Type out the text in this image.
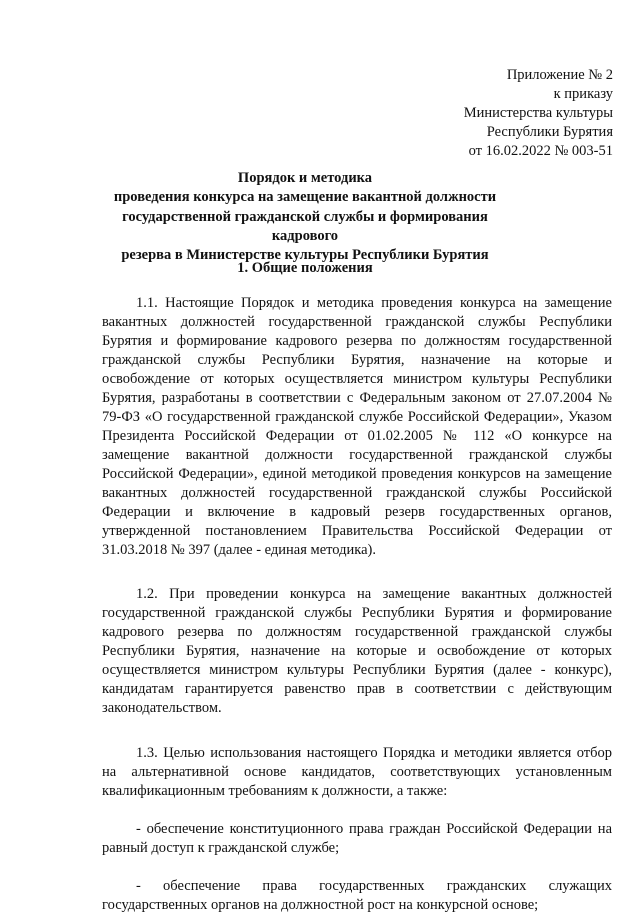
Приложение № 2
к приказу
Министерства культуры
Республики Бурятия
от 16.02.2022 № 003-51
Порядок и методика
проведения конкурса на замещение вакантной должности
государственной гражданской службы и формирования кадрового
резерва в Министерстве культуры Республики Бурятия
1. Общие положения

1.1. Настоящие Порядок и методика проведения конкурса на замещение вакантных должностей государственной гражданской службы Республики Бурятия и формирование кадрового резерва по должностям государственной гражданской службы Республики Бурятия, назначение на которые и освобождение от которых осуществляется министром культуры Республики Бурятия, разработаны в соответствии с Федеральным законом от 27.07.2004 № 79-ФЗ «О государственной гражданской службе Российской Федерации», Указом Президента Российской Федерации от 01.02.2005 № 112 «О конкурсе на замещение вакантной должности государственной гражданской службы Российской Федерации», единой методикой проведения конкурсов на замещение вакантных должностей государственной гражданской службы Российской Федерации и включение в кадровый резерв государственных органов, утвержденной постановлением Правительства Российской Федерации от 31.03.2018 № 397 (далее - единая методика).

1.2. При проведении конкурса на замещение вакантных должностей государственной гражданской службы Республики Бурятия и формирование кадрового резерва по должностям государственной гражданской службы Республики Бурятия, назначение на которые и освобождение от которых осуществляется министром культуры Республики Бурятия (далее - конкурс), кандидатам гарантируется равенство прав в соответствии с действующим законодательством.

1.3. Целью использования настоящего Порядка и методики является отбор на альтернативной основе кандидатов, соответствующих установленным квалификационным требованиям к должности, а также:

- обеспечение конституционного права граждан Российской Федерации на равный доступ к гражданской службе;

- обеспечение права государственных гражданских служащих государственных органов на должностной рост на конкурсной основе;
